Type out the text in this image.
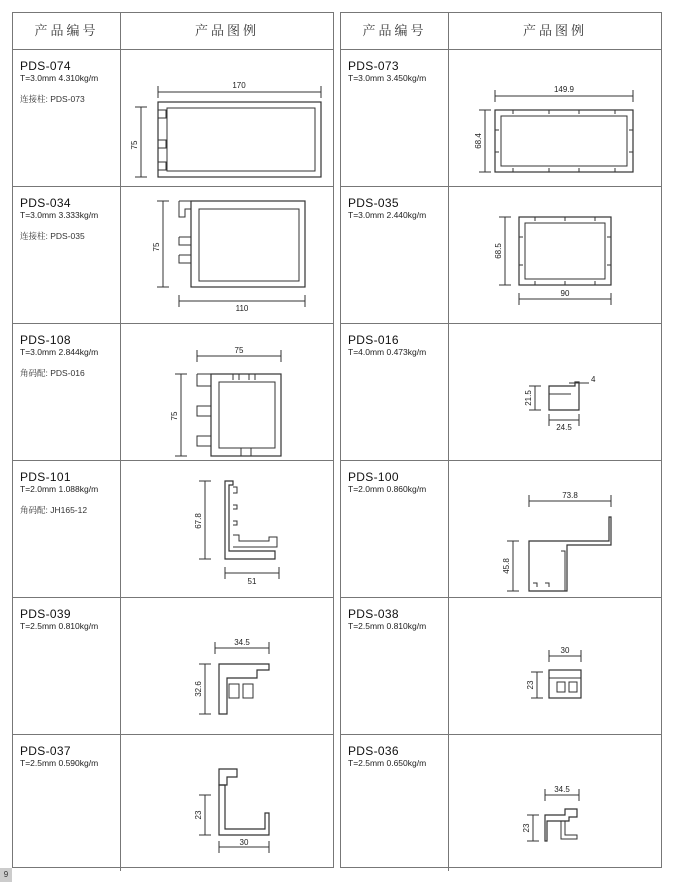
产品编号	产品图例
PDS-074
T=3.0mm 4.310kg/m
连接柱: PDS-073
170
75
PDS-034
T=3.0mm 3.333kg/m
连接柱: PDS-035
75
110
PDS-108
T=3.0mm 2.844kg/m
角码配: PDS-016
75
75
PDS-101
T=2.0mm 1.088kg/m
角码配: JH165-12
67.8
51
PDS-039
T=2.5mm 0.810kg/m
34.5
32.6
PDS-037
T=2.5mm 0.590kg/m
23
30
产品编号	产品图例
PDS-073
T=3.0mm 3.450kg/m
149.9
68.4
PDS-035
T=3.0mm 2.440kg/m
68.5
90
PDS-016
T=4.0mm 0.473kg/m
4
21.5
24.5
PDS-100
T=2.0mm 0.860kg/m
73.8
45.8
PDS-038
T=2.5mm 0.810kg/m
30
23
PDS-036
T=2.5mm 0.650kg/m
34.5
23
9
